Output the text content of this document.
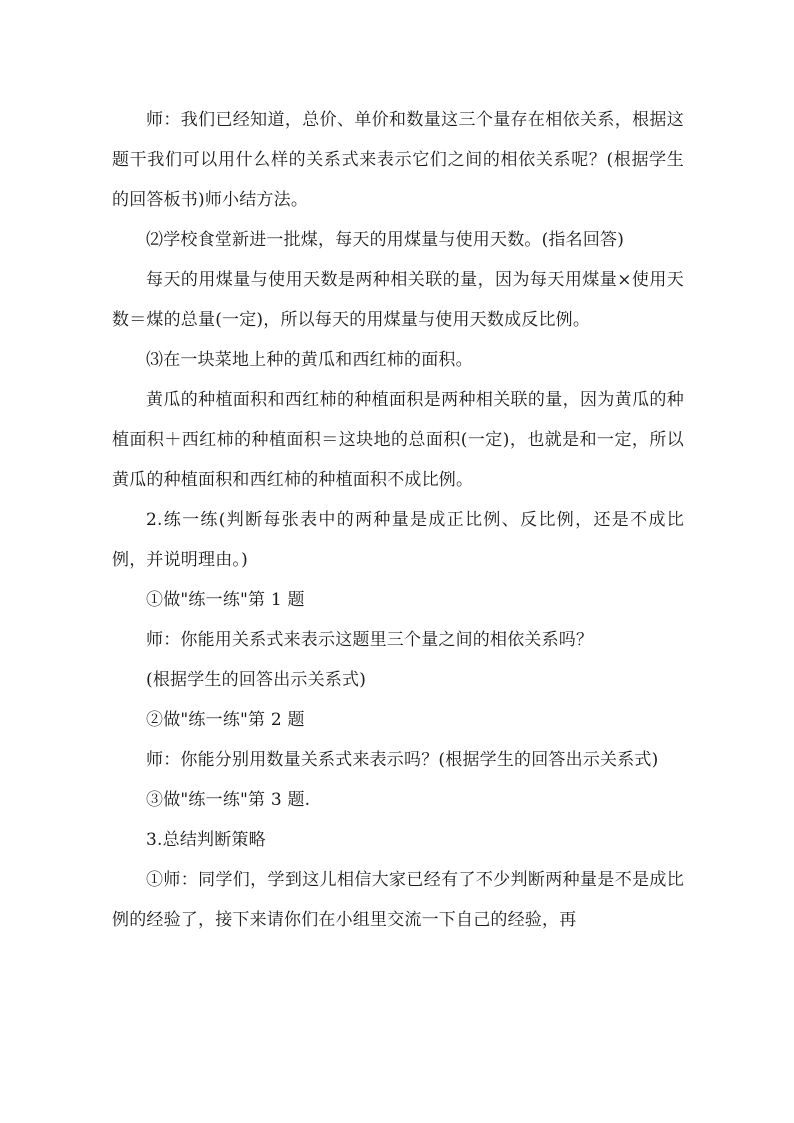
师：我们已经知道，总价、单价和数量这三个量存在相依关系，根据这题干我们可以用什么样的关系式来表示它们之间的相依关系呢？(根据学生的回答板书)师小结方法。

⑵学校食堂新进一批煤，每天的用煤量与使用天数。(指名回答)

每天的用煤量与使用天数是两种相关联的量，因为每天用煤量×使用天数＝煤的总量(一定)，所以每天的用煤量与使用天数成反比例。

⑶在一块菜地上种的黄瓜和西红柿的面积。

黄瓜的种植面积和西红柿的种植面积是两种相关联的量，因为黄瓜的种植面积＋西红柿的种植面积＝这块地的总面积(一定)，也就是和一定，所以黄瓜的种植面积和西红柿的种植面积不成比例。

2.练一练(判断每张表中的两种量是成正比例、反比例，还是不成比例，并说明理由。)

①做"练一练"第 1 题

师：你能用关系式来表示这题里三个量之间的相依关系吗？

(根据学生的回答出示关系式)

②做"练一练"第 2 题

师：你能分别用数量关系式来表示吗？(根据学生的回答出示关系式)

③做"练一练"第 3 题.

3.总结判断策略

①师：同学们，学到这儿相信大家已经有了不少判断两种量是不是成比例的经验了，接下来请你们在小组里交流一下自己的经验，再
